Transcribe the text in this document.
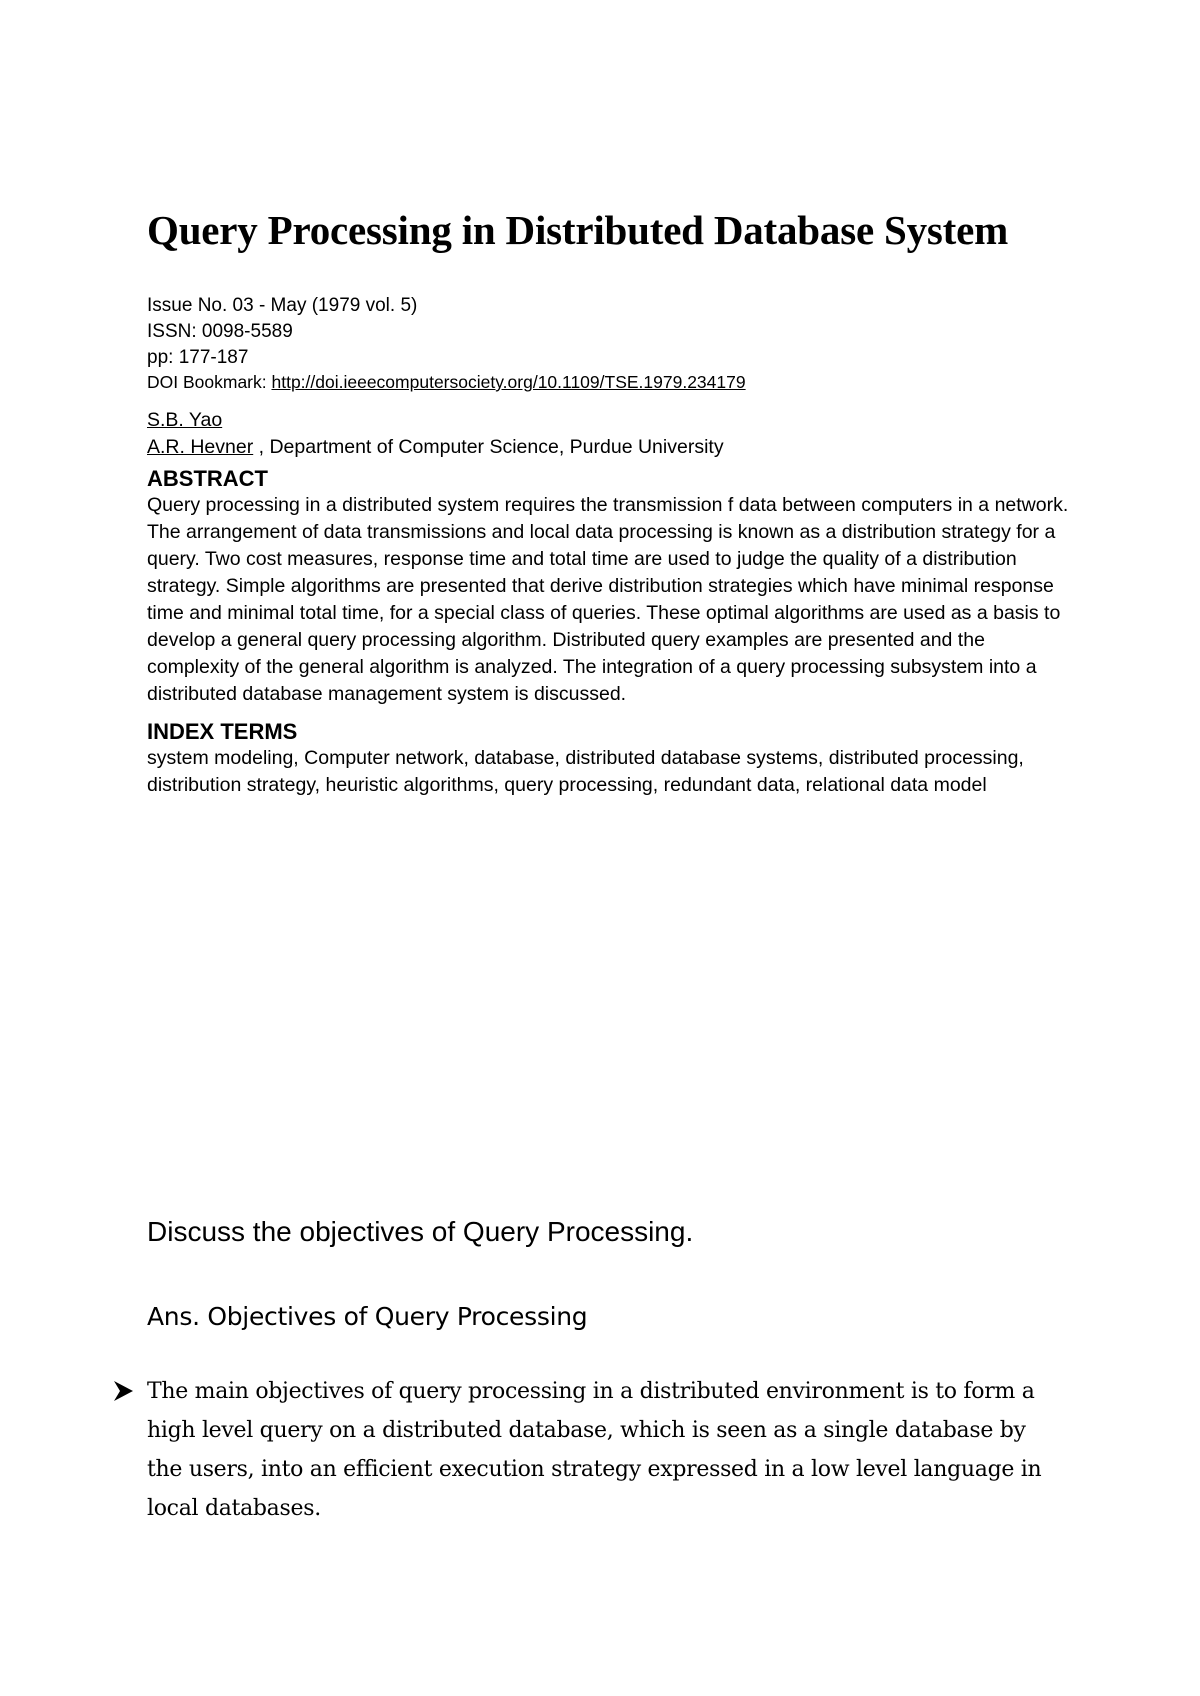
Query Processing in Distributed Database System
Issue No. 03 - May (1979 vol. 5)
ISSN: 0098-5589
pp: 177-187
DOI Bookmark: http://doi.ieeecomputersociety.org/10.1109/TSE.1979.234179
S.B. Yao
A.R. Hevner , Department of Computer Science, Purdue University
ABSTRACT

Query processing in a distributed system requires the transmission f data between computers in a network. The arrangement of data transmissions and local data processing is known as a distribution strategy for a query. Two cost measures, response time and total time are used to judge the quality of a distribution strategy. Simple algorithms are presented that derive distribution strategies which have minimal response time and minimal total time, for a special class of queries. These optimal algorithms are used as a basis to develop a general query processing algorithm. Distributed query examples are presented and the complexity of the general algorithm is analyzed. The integration of a query processing subsystem into a distributed database management system is discussed.

INDEX TERMS

system modeling, Computer network, database, distributed database systems, distributed processing, distribution strategy, heuristic algorithms, query processing, redundant data, relational data model

Discuss the objectives of Query Processing.

Ans. Objectives of Query Processing

The main objectives of query processing in a distributed environment is to form a high level query on a distributed database, which is seen as a single database by the users, into an efficient execution strategy expressed in a low level language in local databases.
